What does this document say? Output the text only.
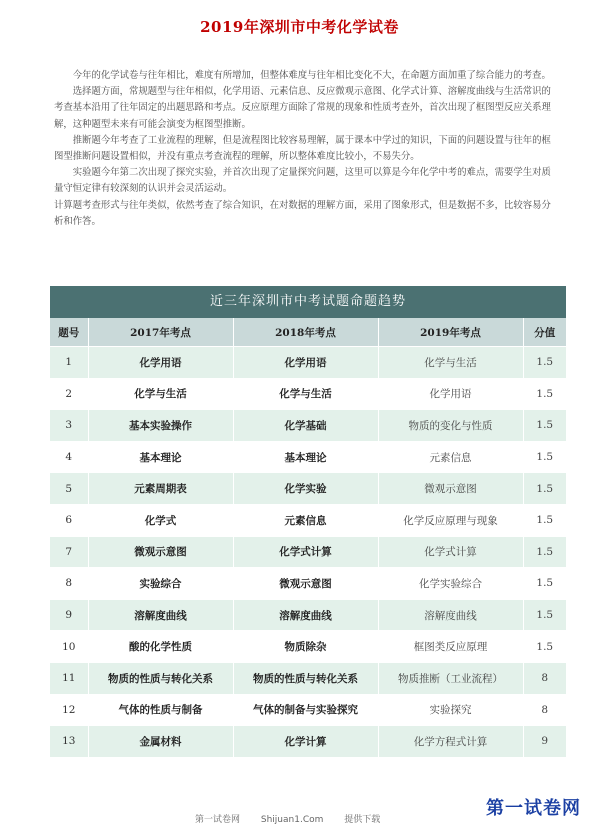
2019年深圳市中考化学试卷

今年的化学试卷与往年相比，难度有所增加，但整体难度与往年相比变化不大，在命题方面加重了综合能力的考查。

选择题方面，常规题型与往年相似，化学用语、元素信息、反应微观示意图、化学式计算、溶解度曲线与生活常识的考查基本沿用了往年固定的出题思路和考点。反应原理方面除了常规的现象和性质考查外，首次出现了框图型反应关系理解，这种题型未来有可能会演变为框图型推断。

推断题今年考查了工业流程的理解，但是流程图比较容易理解，属于课本中学过的知识，下面的问题设置与往年的框图型推断问题设置相似，并没有重点考查流程的理解，所以整体难度比较小，不易失分。

实验题今年第二次出现了探究实验，并首次出现了定量探究问题，这里可以算是今年化学中考的难点，需要学生对质量守恒定律有较深刻的认识并会灵活运动。

计算题考查形式与往年类似，依然考查了综合知识，在对数据的理解方面，采用了图象形式，但是数据不多，比较容易分析和作答。

近三年深圳市中考试题命题趋势
题号	2017年考点	2018年考点	2019年考点	分值
1	化学用语	化学用语	化学与生活	1.5
2	化学与生活	化学与生活	化学用语	1.5
3	基本实验操作	化学基础	物质的变化与性质	1.5
4	基本理论	基本理论	元素信息	1.5
5	元素周期表	化学实验	微观示意图	1.5
6	化学式	元素信息	化学反应原理与现象	1.5
7	微观示意图	化学式计算	化学式计算	1.5
8	实验综合	微观示意图	化学实验综合	1.5
9	溶解度曲线	溶解度曲线	溶解度曲线	1.5
10	酸的化学性质	物质除杂	框图类反应原理	1.5
11	物质的性质与转化关系	物质的性质与转化关系	物质推断（工业流程）	8
12	气体的性质与制备	气体的制备与实验探究	实验探究	8
13	金属材料	化学计算	化学方程式计算	9
第一试卷网 Shijuan1.Com 提供下载
第一试卷网
